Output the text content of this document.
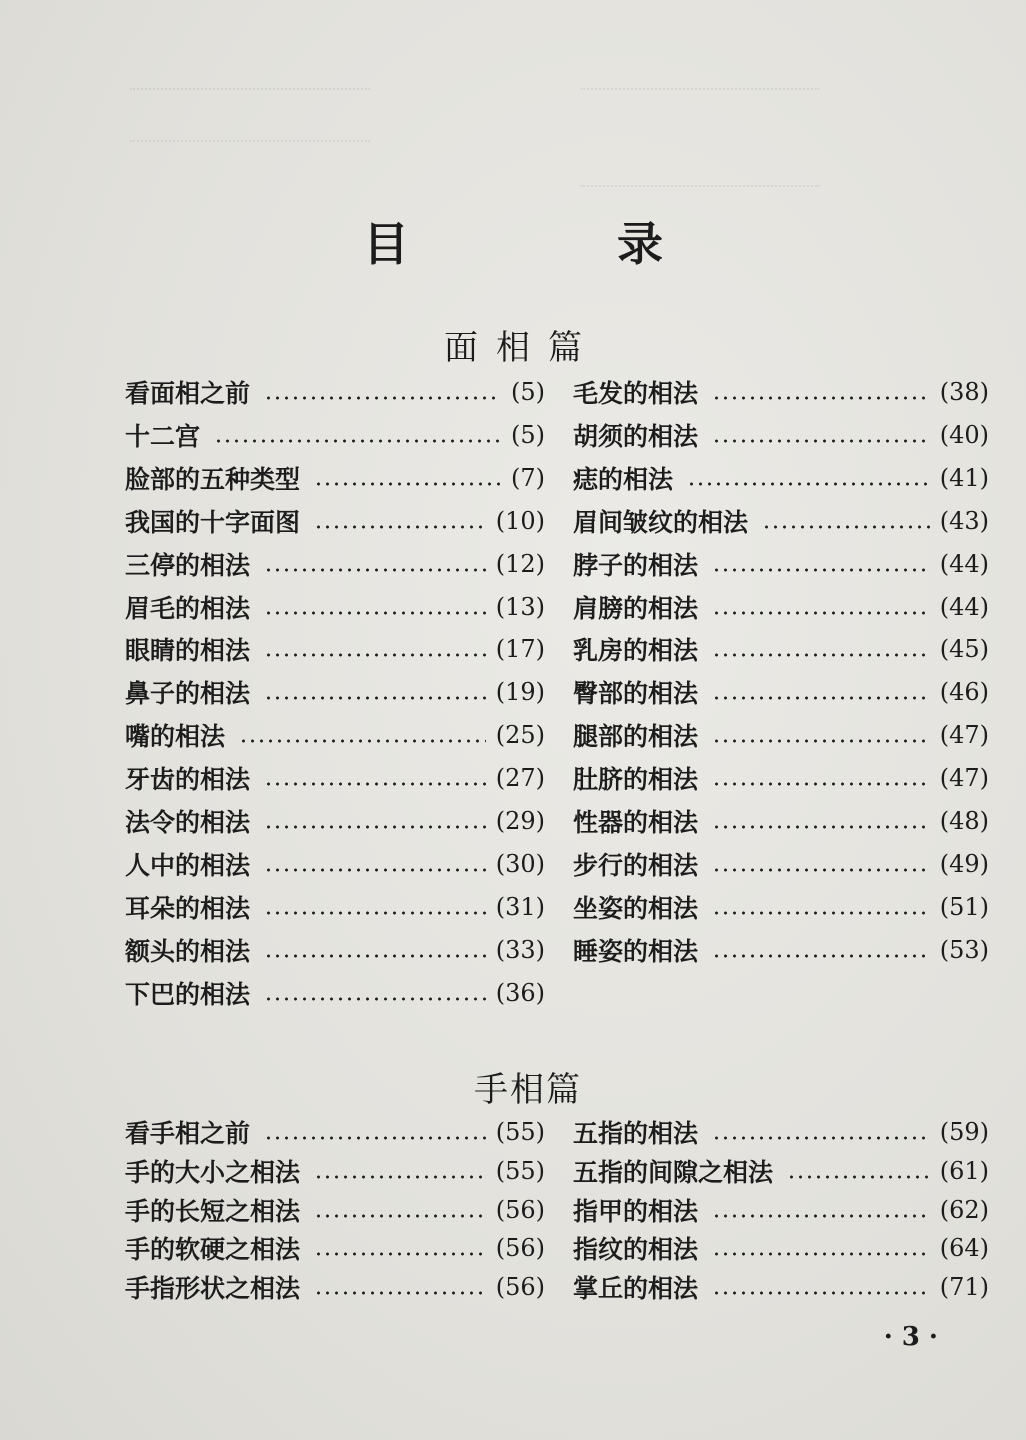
目 录
面相篇
手相篇
看面相之前	(5)
十二宫	(5)
脸部的五种类型	(7)
我国的十字面图	(10)
三停的相法	(12)
眉毛的相法	(13)
眼睛的相法	(17)
鼻子的相法	(19)
嘴的相法	(25)
牙齿的相法	(27)
法令的相法	(29)
人中的相法	(30)
耳朵的相法	(31)
额头的相法	(33)
下巴的相法	(36)
毛发的相法	(38)
胡须的相法	(40)
痣的相法	(41)
眉间皱纹的相法	(43)
脖子的相法	(44)
肩膀的相法	(44)
乳房的相法	(45)
臀部的相法	(46)
腿部的相法	(47)
肚脐的相法	(47)
性器的相法	(48)
步行的相法	(49)
坐姿的相法	(51)
睡姿的相法	(53)
看手相之前	(55)
手的大小之相法	(55)
手的长短之相法	(56)
手的软硬之相法	(56)
手指形状之相法	(56)
五指的相法	(59)
五指的间隙之相法	(61)
指甲的相法	(62)
指纹的相法	(64)
掌丘的相法	(71)
· 3 ·
